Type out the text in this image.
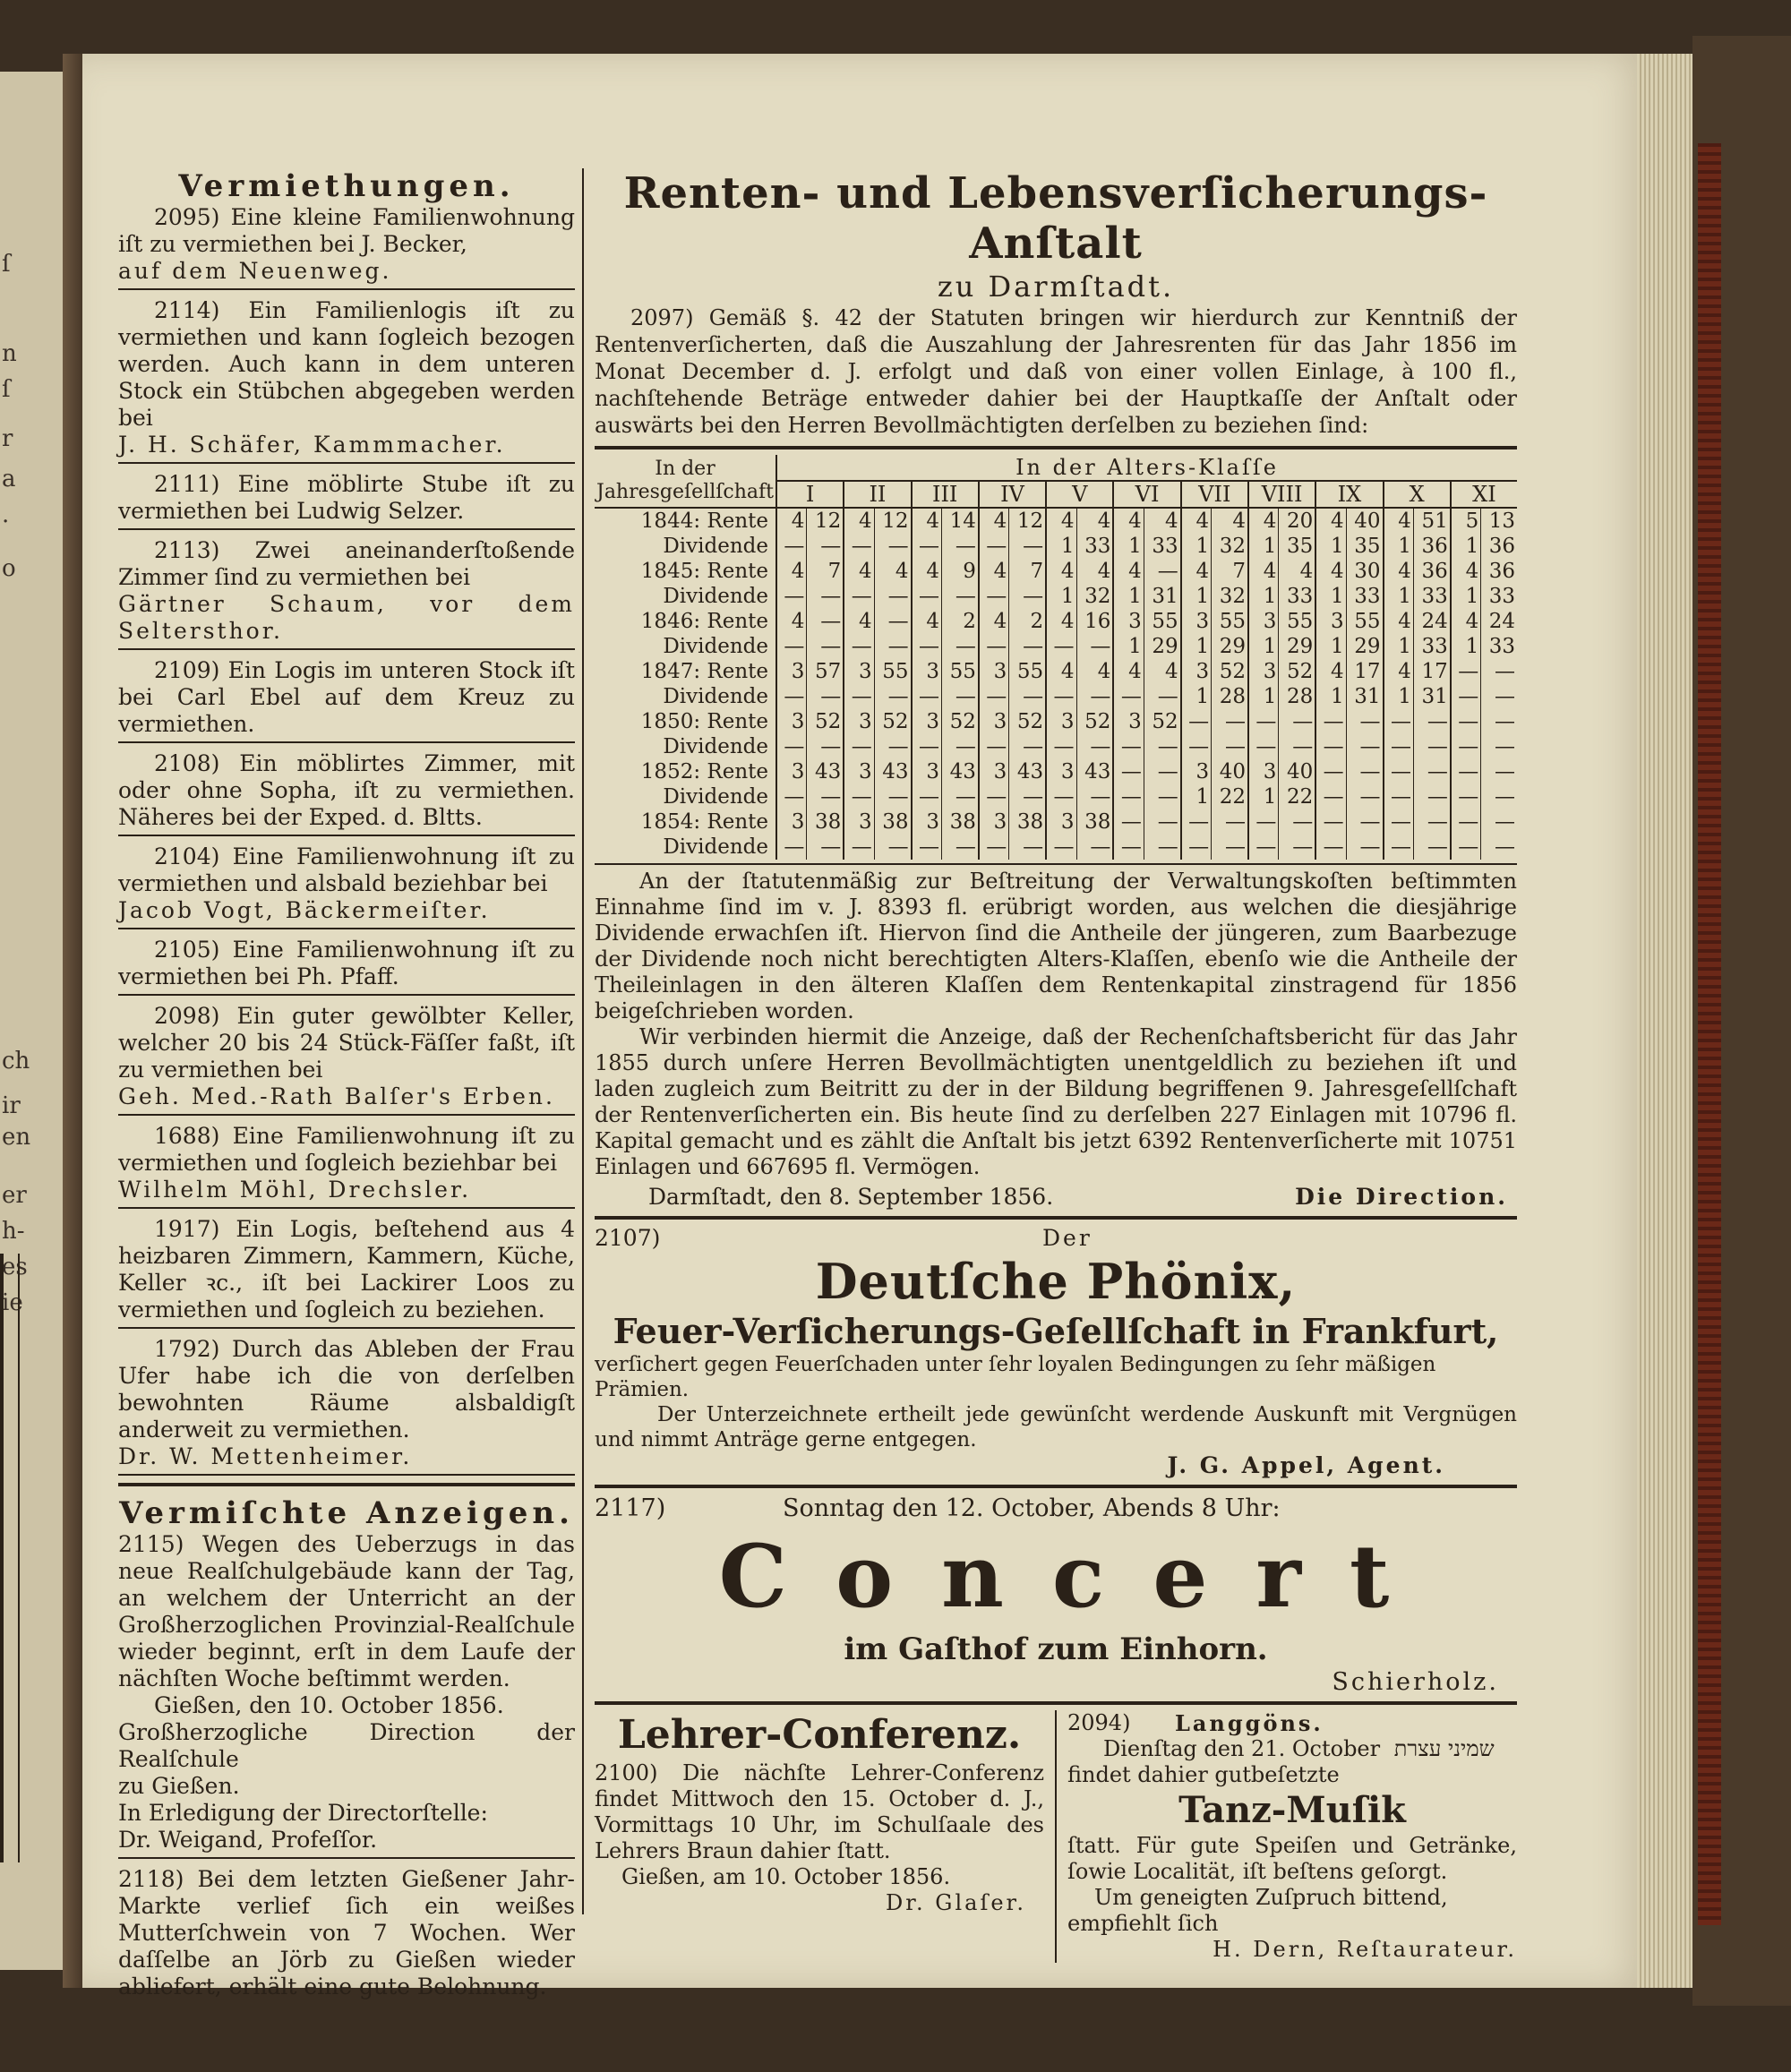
ſ
n
ſ
r
a
.
o
ch
ir
en
er
h-
es
ie
Vermiethungen.

2095) Eine kleine Familienwohnung iſt zu vermiethen bei J. Becker,

auf dem Neuenweg.

2114) Ein Familienlogis iſt zu vermiethen und kann ſogleich bezogen werden. Auch kann in dem unteren Stock ein Stübchen abgegeben werden bei

J. H. Schäfer, Kammmacher.

2111) Eine möblirte Stube iſt zu vermiethen bei Ludwig Selzer.

2113) Zwei aneinanderſtoßende Zimmer ſind zu vermiethen bei

Gärtner Schaum, vor dem Seltersthor.

2109) Ein Logis im unteren Stock iſt bei Carl Ebel auf dem Kreuz zu vermiethen.

2108) Ein möblirtes Zimmer, mit oder ohne Sopha, iſt zu vermiethen. Näheres bei der Exped. d. Bltts.

2104) Eine Familienwohnung iſt zu vermiethen und alsbald beziehbar bei

Jacob Vogt, Bäckermeiſter.

2105) Eine Familienwohnung iſt zu vermiethen bei Ph. Pfaff.

2098) Ein guter gewölbter Keller, welcher 20 bis 24 Stück-Fäſſer faßt, iſt zu vermiethen bei

Geh. Med.-Rath Balſer's Erben.

1688) Eine Familienwohnung iſt zu vermiethen und ſogleich beziehbar bei

Wilhelm Möhl, Drechsler.

1917) Ein Logis, beſtehend aus 4 heizbaren Zimmern, Kammern, Küche, Keller ꝛc., iſt bei Lackirer Loos zu vermiethen und ſogleich zu beziehen.

1792) Durch das Ableben der Frau Ufer habe ich die von derſelben bewohnten Räume alsbaldigſt anderweit zu vermiethen.

Dr. W. Mettenheimer.

Vermiſchte Anzeigen.

2115) Wegen des Ueberzugs in das neue Realſchulgebäude kann der Tag, an welchem der Unterricht an der Großherzoglichen Provinzial-Realſchule wieder beginnt, erſt in dem Laufe der nächſten Woche beſtimmt werden.

Gießen, den 10. October 1856.

Großherzogliche Direction der Realſchule

zu Gießen.

In Erledigung der Directorſtelle:

Dr. Weigand, Profeſſor.

2118) Bei dem letzten Gießener Jahr-Markte verlief ſich ein weißes Mutterſchwein von 7 Wochen. Wer daſſelbe an Jörb zu Gießen wieder abliefert, erhält eine gute Belohnung.

Renten- und Lebensverſicherungs-Anſtalt
zu Darmſtadt.

2097) Gemäß §. 42 der Statuten bringen wir hierdurch zur Kenntniß der Rentenverſicherten, daß die Auszahlung der Jahresrenten für das Jahr 1856 im Monat December d. J. erfolgt und daß von einer vollen Einlage, à 100 fl., nachſtehende Beträge entweder dahier bei der Hauptkaſſe der Anſtalt oder auswärts bei den Herren Bevollmächtigten derſelben zu beziehen ſind:

In der Jahresgeſellſchaft	In der Alters-Klaſſe																					
	I		II		III		IV		V		VI		VII		VIII		IX		X		XI	
1844: Rente	4	12	4	12	4	14	4	12	4	4	4	4	4	4	4	20	4	40	4	51	5	13
Dividende	—	—	—	—	—	—	—	—	1	33	1	33	1	32	1	35	1	35	1	36	1	36
1845: Rente	4	7	4	4	4	9	4	7	4	4	4	—	4	7	4	4	4	30	4	36	4	36
Dividende	—	—	—	—	—	—	—	—	1	32	1	31	1	32	1	33	1	33	1	33	1	33
1846: Rente	4	—	4	—	4	2	4	2	4	16	3	55	3	55	3	55	3	55	4	24	4	24
Dividende	—	—	—	—	—	—	—	—	—	—	1	29	1	29	1	29	1	29	1	33	1	33
1847: Rente	3	57	3	55	3	55	3	55	4	4	4	4	3	52	3	52	4	17	4	17	—	—
Dividende	—	—	—	—	—	—	—	—	—	—	—	—	1	28	1	28	1	31	1	31	—	—
1850: Rente	3	52	3	52	3	52	3	52	3	52	3	52	—	—	—	—	—	—	—	—	—	—
Dividende	—	—	—	—	—	—	—	—	—	—	—	—	—	—	—	—	—	—	—	—	—	—
1852: Rente	3	43	3	43	3	43	3	43	3	43	—	—	3	40	3	40	—	—	—	—	—	—
Dividende	—	—	—	—	—	—	—	—	—	—	—	—	1	22	1	22	—	—	—	—	—	—
1854: Rente	3	38	3	38	3	38	3	38	3	38	—	—	—	—	—	—	—	—	—	—	—	—
Dividende	—	—	—	—	—	—	—	—	—	—	—	—	—	—	—	—	—	—	—	—	—	—

An der ſtatutenmäßig zur Beſtreitung der Verwaltungskoſten beſtimmten Einnahme ſind im v. J. 8393 fl. erübrigt worden, aus welchen die diesjährige Dividende erwachſen iſt. Hiervon ſind die Antheile der jüngeren, zum Baarbezuge der Dividende noch nicht berechtigten Alters-Klaſſen, ebenſo wie die Antheile der Theileinlagen in den älteren Klaſſen dem Rentenkapital zinstragend für 1856 beigeſchrieben worden.

Wir verbinden hiermit die Anzeige, daß der Rechenſchaftsbericht für das Jahr 1855 durch unſere Herren Bevollmächtigten unentgeldlich zu beziehen iſt und laden zugleich zum Beitritt zu der in der Bildung begriffenen 9. Jahresgeſellſchaft der Rentenverſicherten ein. Bis heute ſind zu derſelben 227 Einlagen mit 10796 fl. Kapital gemacht und es zählt die Anſtalt bis jetzt 6392 Rentenverſicherte mit 10751 Einlagen und 667695 fl. Vermögen.

Darmſtadt, den 8. September 1856.	Die Direction.
2107)	Der
Deutſche Phönix,
Feuer-Verſicherungs-Geſellſchaft in Frankfurt,

verſichert gegen Feuerſchaden unter ſehr loyalen Bedingungen zu ſehr mäßigen Prämien.

Der Unterzeichnete ertheilt jede gewünſcht werdende Auskunft mit Vergnügen und nimmt Anträge gerne entgegen.

J. G. Appel, Agent.

2117)	Sonntag den 12. October, Abends 8 Uhr:
Concert
im Gaſthof zum Einhorn.
Schierholz.
Lehrer-Conferenz.

2100) Die nächſte Lehrer-Conferenz findet Mittwoch den 15. October d. J., Vormittags 10 Uhr, im Schulſaale des Lehrers Braun dahier ſtatt.

Gießen, am 10. October 1856.

Dr. Glaſer.

2094)	Langgöns.
Dienſtag den 21. October שמיני עצרת

findet dahier gutbeſetzte

Tanz-Muſik

ſtatt. Für gute Speiſen und Getränke, ſowie Localität, iſt beſtens geſorgt.

Um geneigten Zuſpruch bittend, empfiehlt ſich

H. Dern, Reſtaurateur.
